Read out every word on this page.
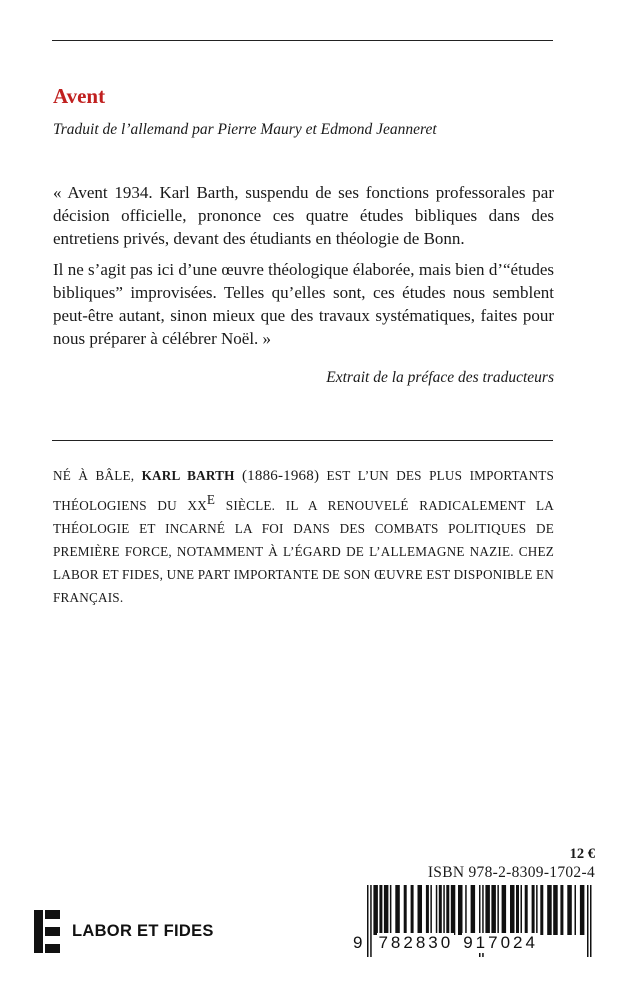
Avent
Traduit de l’allemand par Pierre Maury et Edmond Jeanneret

« Avent 1934. Karl Barth, suspendu de ses fonctions professorales par décision officielle, prononce ces quatre études bibliques dans des entretiens privés, devant des étudiants en théologie de Bonn.

Il ne s’agit pas ici d’une œuvre théologique élaborée, mais bien d’“études bibliques” improvisées. Telles qu’elles sont, ces études nous semblent peut-être autant, sinon mieux que des travaux systématiques, faites pour nous préparer à célébrer Noël. »

Extrait de la préface des traducteurs

NÉ À BÂLE, KARL BARTH (1886-1968) EST L’UN DES PLUS IMPORTANTS THÉOLOGIENS DU $XX^E$ SIÈCLE. IL A RENOUVELÉ RADICALEMENT LA THÉOLOGIE ET INCARNÉ LA FOI DANS DES COMBATS POLITIQUES DE PREMIÈRE FORCE, NOTAMMENT À L’ÉGARD DE L’ALLEMAGNE NAZIE. CHEZ LABOR ET FIDES, UNE PART IMPORTANTE DE SON ŒUVRE EST DISPONIBLE EN FRANÇAIS.

12 €
ISBN 978-2-8309-1702-4
9 782830 917024
LABOR ET FIDES
